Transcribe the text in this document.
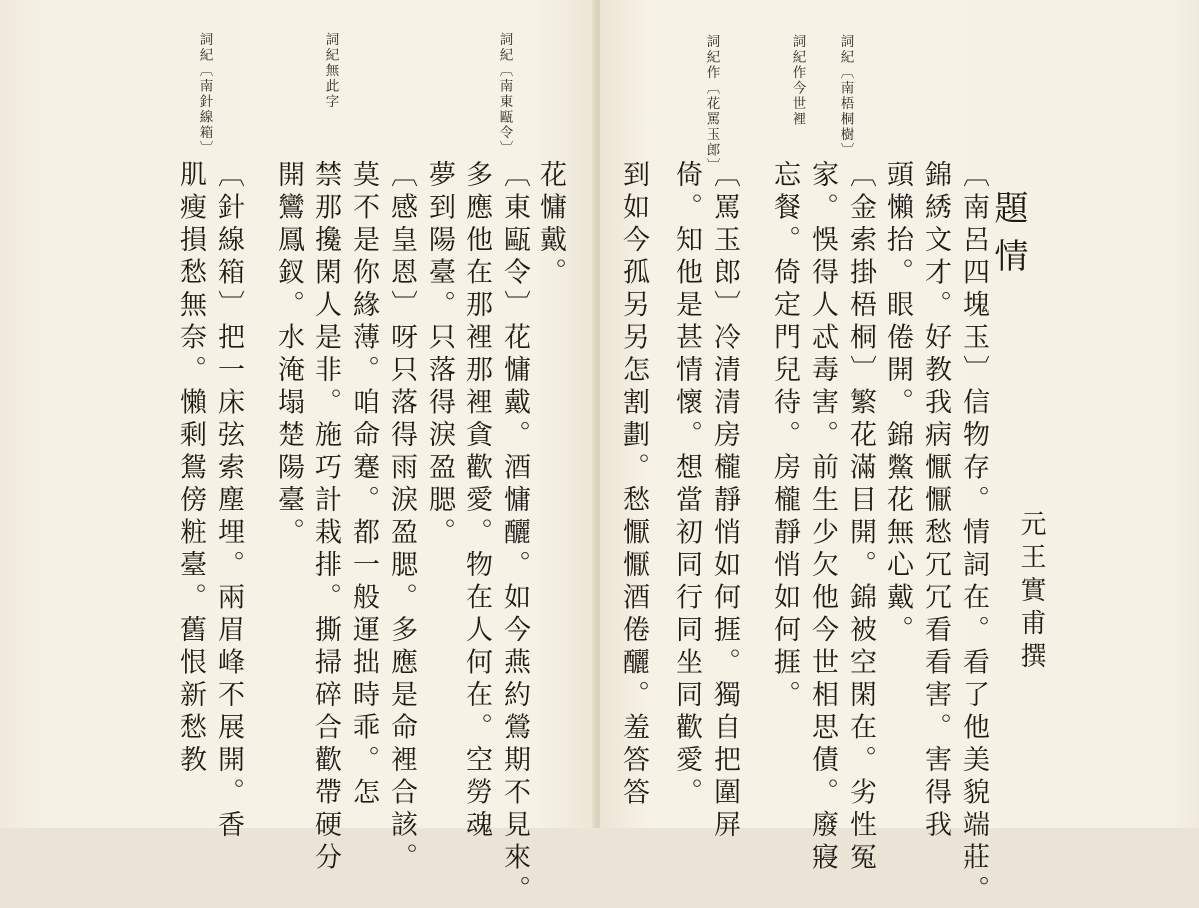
詞紀〔南針線箱〕	詞紀無此字	詞紀〔南東甌令〕
花慵戴。
〔東甌令〕花慵戴。酒慵釃。如今燕約鶯期不見來。
多應他在那裡那裡貪歡愛。物在人何在。空勞魂
夢到陽臺。只落得淚盈腮。
〔感皇恩〕呀只落得雨淚盈腮。多應是命裡合該。
莫不是你緣薄。咱命蹇。都一般運拙時乖。怎
禁那攙閑人是非。施巧計栽排。撕掃碎合歡帶硬分
開鸞鳳釵。水淹塌楚陽臺。
〔針線箱〕把一床弦索塵埋。兩眉峰不展開。香
肌瘦損愁無奈。懶剩鴛傍粧臺。舊恨新愁教	題情
元王實甫撰
詞紀〔南梧桐樹〕
詞紀作今世裡
詞紀作〔花罵玉郎〕
〔南呂四塊玉〕信物存。情詞在。看了他美貌端莊。
錦綉文才。好教我病懨懨愁冗冗看看害。害得我
頭懶抬。眼倦開。錦鱉花無心戴。
〔金索掛梧桐〕繁花滿目開。錦被空閑在。劣性冤
家。悞得人忒毒害。前生少欠他今世相思債。廢寢
忘餐。倚定門兒待。房櫳靜悄如何捱。
〔罵玉郎〕冷清清房櫳靜悄如何捱。獨自把圍屏
倚。知他是甚情懷。想當初同行同坐同歡愛。
到如今孤另另怎割劃。愁懨懨酒倦釃。羞答答
